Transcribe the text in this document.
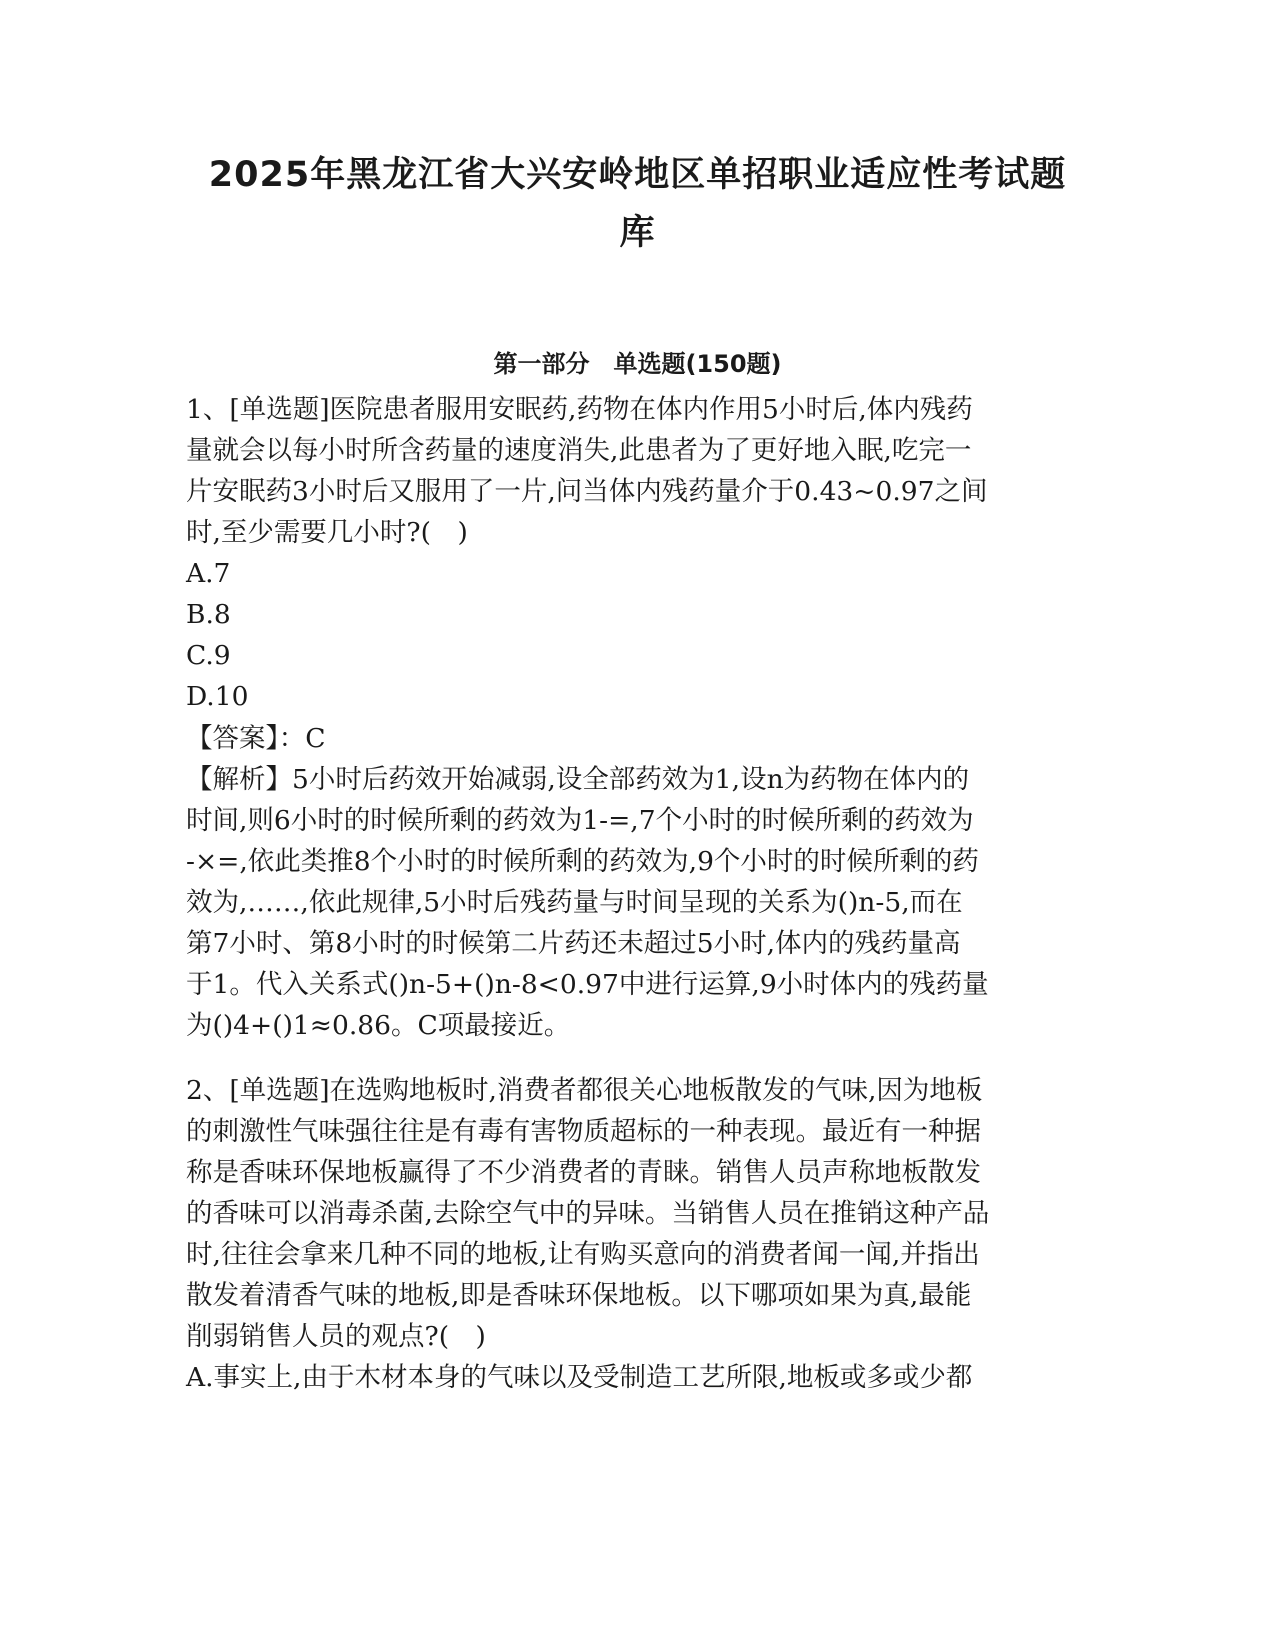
2025年黑龙江省大兴安岭地区单招职业适应性考试题
库
第一部分　单选题(150题)

1、[单选题]医院患者服用安眠药,药物在体内作用5小时后,体内残药

量就会以每小时所含药量的速度消失,此患者为了更好地入眠,吃完一

片安眠药3小时后又服用了一片,问当体内残药量介于0.43~0.97之间

时,至少需要几小时?(　)

A.7

B.8

C.9

D.10

【答案】：C

【解析】5小时后药效开始减弱,设全部药效为1,设n为药物在体内的

时间,则6小时的时候所剩的药效为1-=,7个小时的时候所剩的药效为

-×=,依此类推8个小时的时候所剩的药效为,9个小时的时候所剩的药

效为,……,依此规律,5小时后残药量与时间呈现的关系为()n-5,而在

第7小时、第8小时的时候第二片药还未超过5小时,体内的残药量高

于1。代入关系式()n-5+()n-8<0.97中进行运算,9小时体内的残药量

为()4+()1≈0.86。C项最接近。

2、[单选题]在选购地板时,消费者都很关心地板散发的气味,因为地板

的刺激性气味强往往是有毒有害物质超标的一种表现。最近有一种据

称是香味环保地板赢得了不少消费者的青睐。销售人员声称地板散发

的香味可以消毒杀菌,去除空气中的异味。当销售人员在推销这种产品

时,往往会拿来几种不同的地板,让有购买意向的消费者闻一闻,并指出

散发着清香气味的地板,即是香味环保地板。以下哪项如果为真,最能

削弱销售人员的观点?(　)

A.事实上,由于木材本身的气味以及受制造工艺所限,地板或多或少都
